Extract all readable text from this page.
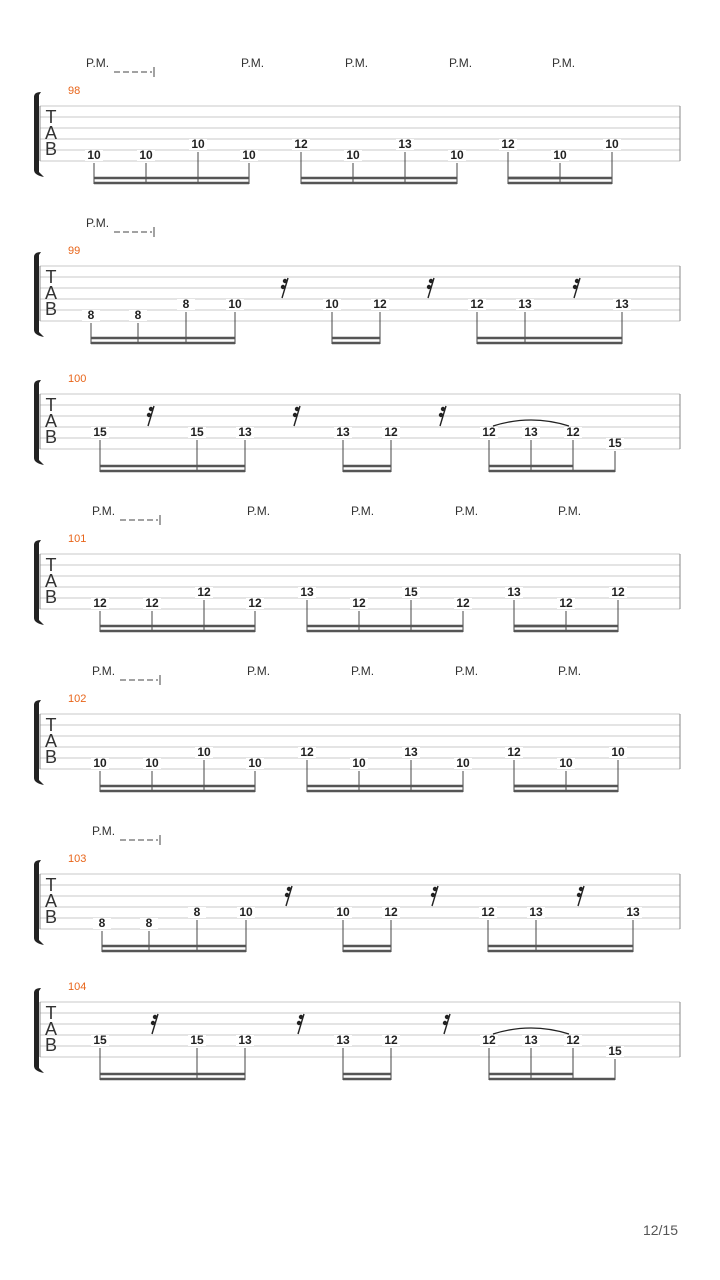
T
A
B
98
P.M.	P.M.	P.M.	P.M.	P.M.
10	10
10
10
12
10
13
10
12
10
10
T
A
B
99
P.M.
8	8
8	10	10	12	12	13	13
T
A
B
100
15	15	13	13	12	12 13 12
15
T
A
B
101
P.M.	P.M.	P.M.	P.M.	P.M.
12	12
12
12
13
12
15
12
13
12
12
T
A
B
102
P.M.	P.M.	P.M.	P.M.	P.M.
10	10
10
10
12
10
13
10
12
10
10
T
A
B
103
P.M.
8	8
8	10	10	12	12	13	13
T
A
B
104
15	15	13	13	12	12 13 12
15
12/15
